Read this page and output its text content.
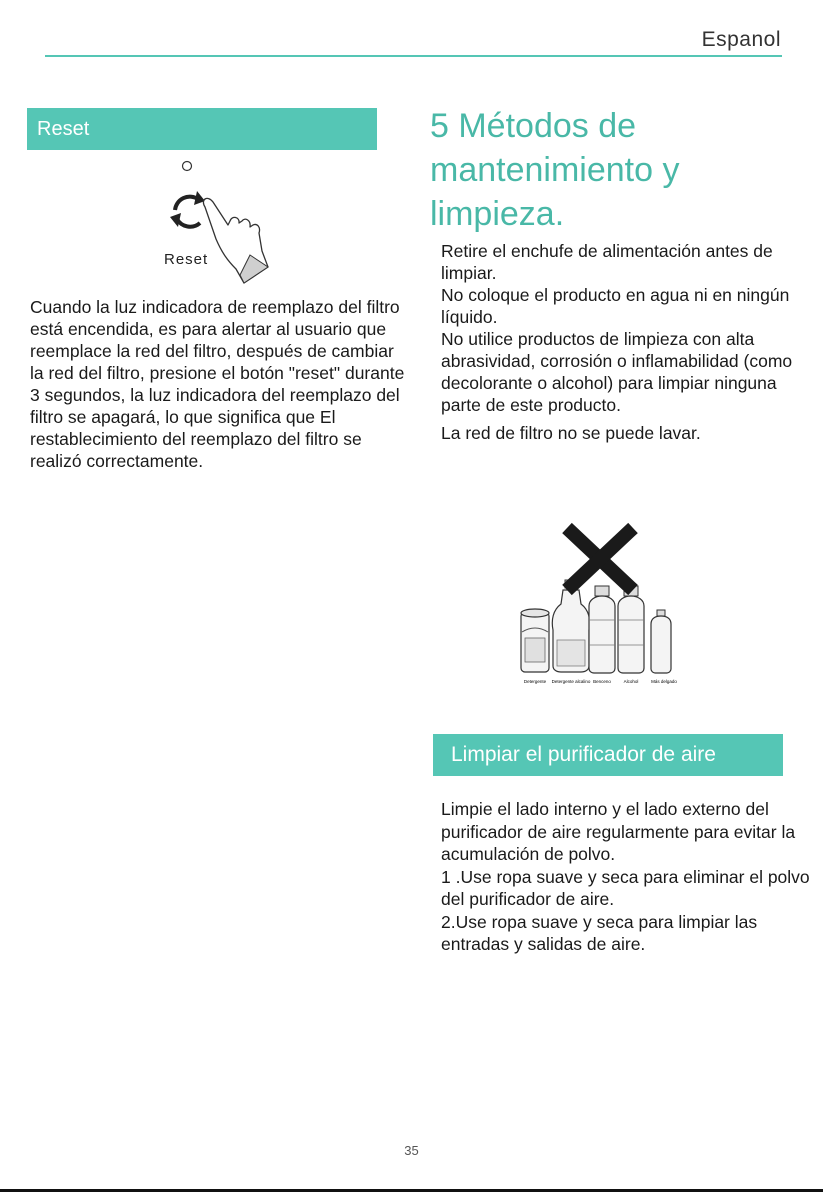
Espanol
Reset
Reset

Cuando la luz indicadora de reemplazo del filtro está encendida, es para alertar al usuario que reemplace la red del filtro, después de cambiar la red del filtro, presione el botón "reset" durante 3 segundos, la luz indicadora del reemplazo del filtro se apagará, lo que significa que El restablecimiento del reemplazo del filtro se realizó correctamente.

5 Métodos de mantenimiento y limpieza.

Retire el enchufe de alimentación antes de limpiar.

No coloque el producto en agua ni en ningún líquido.

No utilice productos de limpieza con alta abrasividad, corrosión o inflamabilidad (como decolorante o alcohol) para limpiar ninguna parte de este producto.

La red de filtro no se puede lavar.

Detergente Detergente alcalino Benceno	Alcohol	Más delgado
Limpiar el purificador de aire

Limpie el lado interno y el lado externo del purificador de aire regularmente para evitar la acumulación de polvo.

1 .Use ropa suave y seca para eliminar el polvo del purificador de aire.

2.Use ropa suave y seca para limpiar las entradas y salidas de aire.

35
